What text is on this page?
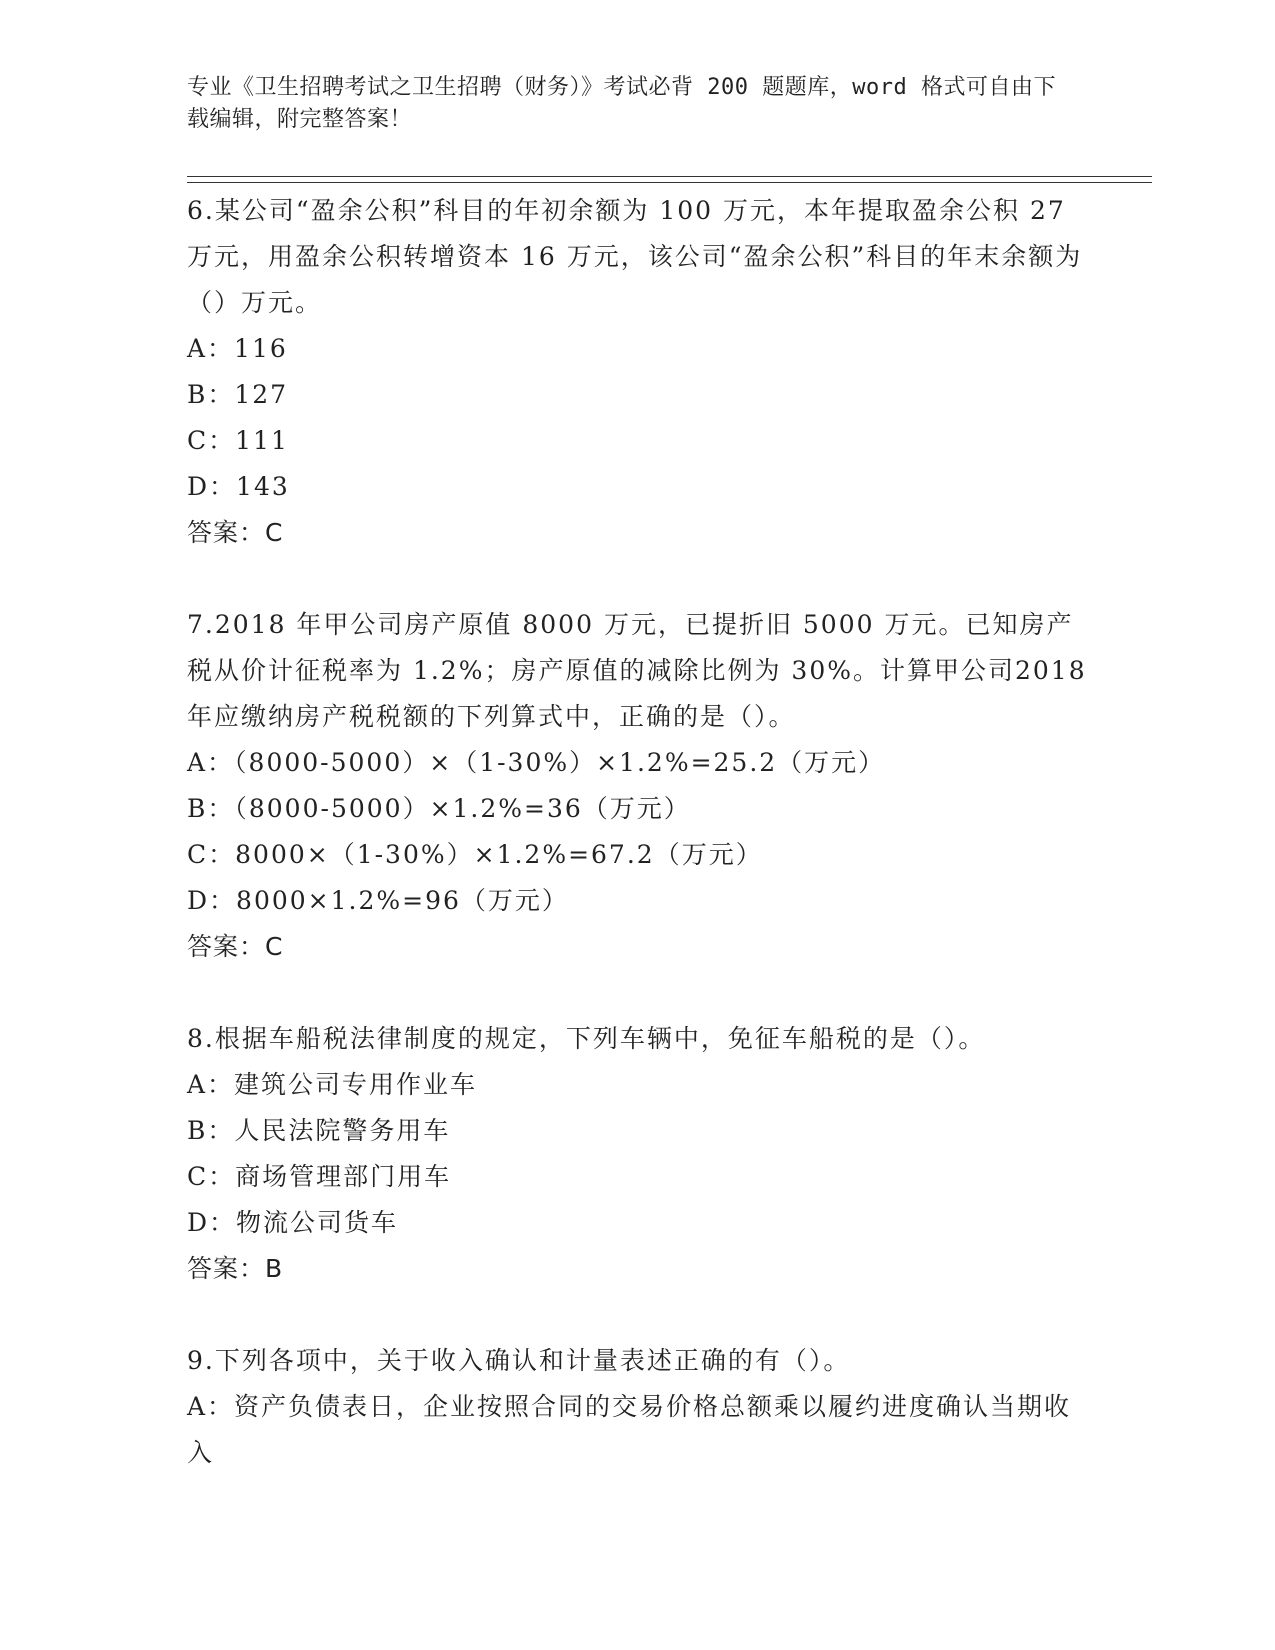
专业《卫生招聘考试之卫生招聘（财务）》考试必背 200 题题库，word 格式可自由下载编辑，附完整答案！

6.某公司“盈余公积”科目的年初余额为 100 万元，本年提取盈余公积 27 万元，用盈余公积转增资本 16 万元，该公司“盈余公积”科目的年末余额为（）万元。

A：116

B：127

C：111

D：143

答案：C

7.2018 年甲公司房产原值 8000 万元，已提折旧 5000 万元。已知房产税从价计征税率为 1.2%；房产原值的减除比例为 30%。计算甲公司2018 年应缴纳房产税税额的下列算式中，正确的是（）。

A：（8000-5000）×（1-30%）×1.2%=25.2（万元）

B：（8000-5000）×1.2%=36（万元）

C：8000×（1-30%）×1.2%=67.2（万元）

D：8000×1.2%=96（万元）

答案：C

8.根据车船税法律制度的规定，下列车辆中，免征车船税的是（）。

A：建筑公司专用作业车

B：人民法院警务用车

C：商场管理部门用车

D：物流公司货车

答案：B

9.下列各项中，关于收入确认和计量表述正确的有（）。

A：资产负债表日，企业按照合同的交易价格总额乘以履约进度确认当期收入
